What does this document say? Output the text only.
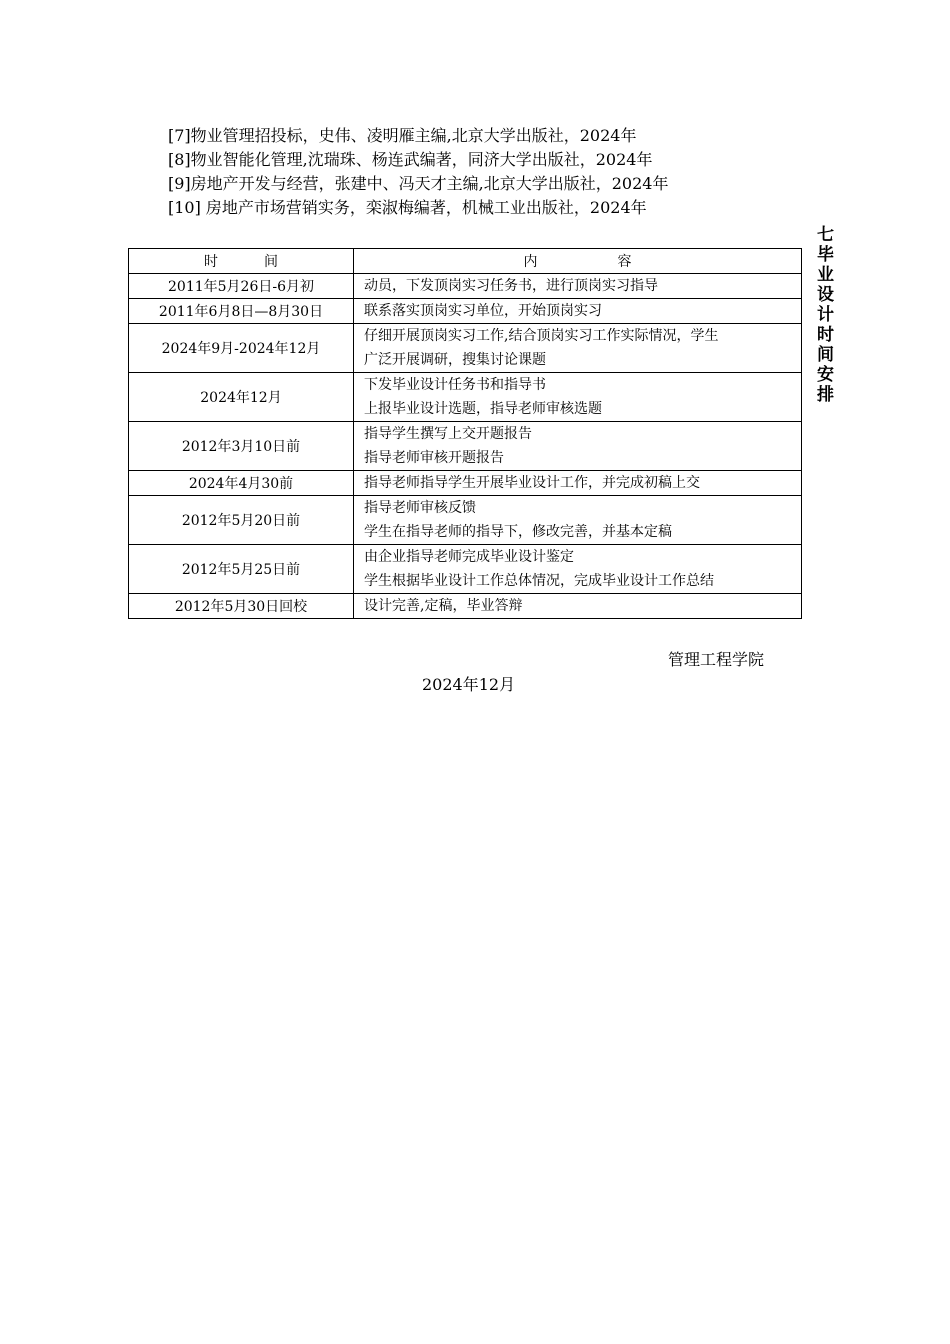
[7]物业管理招投标，史伟、凌明雁主编,北京大学出版社，2024年
[8]物业智能化管理,沈瑞珠、杨连武编著，同济大学出版社，2024年
[9]房地产开发与经营，张建中、冯天才主编,北京大学出版社，2024年
[10] 房地产市场营销实务，栾淑梅编著，机械工业出版社，2024年
七毕业设计时间安排
时间	内容
2011年5月26日-6月初	动员，下发顶岗实习任务书，进行顶岗实习指导

2011年6月8日—8月30日	联系落实顶岗实习单位，开始顶岗实习

2024年9月-2024年12月	仔细开展顶岗实习工作,结合顶岗实习工作实际情况，学生
广泛开展调研，搜集讨论课题

2024年12月	下发毕业设计任务书和指导书
上报毕业设计选题，指导老师审核选题

2012年3月10日前	指导学生撰写上交开题报告
指导老师审核开题报告

2024年4月30前	指导老师指导学生开展毕业设计工作，并完成初稿上交

2012年5月20日前	指导老师审核反馈
学生在指导老师的指导下，修改完善，并基本定稿

2012年5月25日前	由企业指导老师完成毕业设计鉴定
学生根据毕业设计工作总体情况，完成毕业设计工作总结

2012年5月30日回校	设计完善,定稿，毕业答辩
管理工程学院
2024年12月
